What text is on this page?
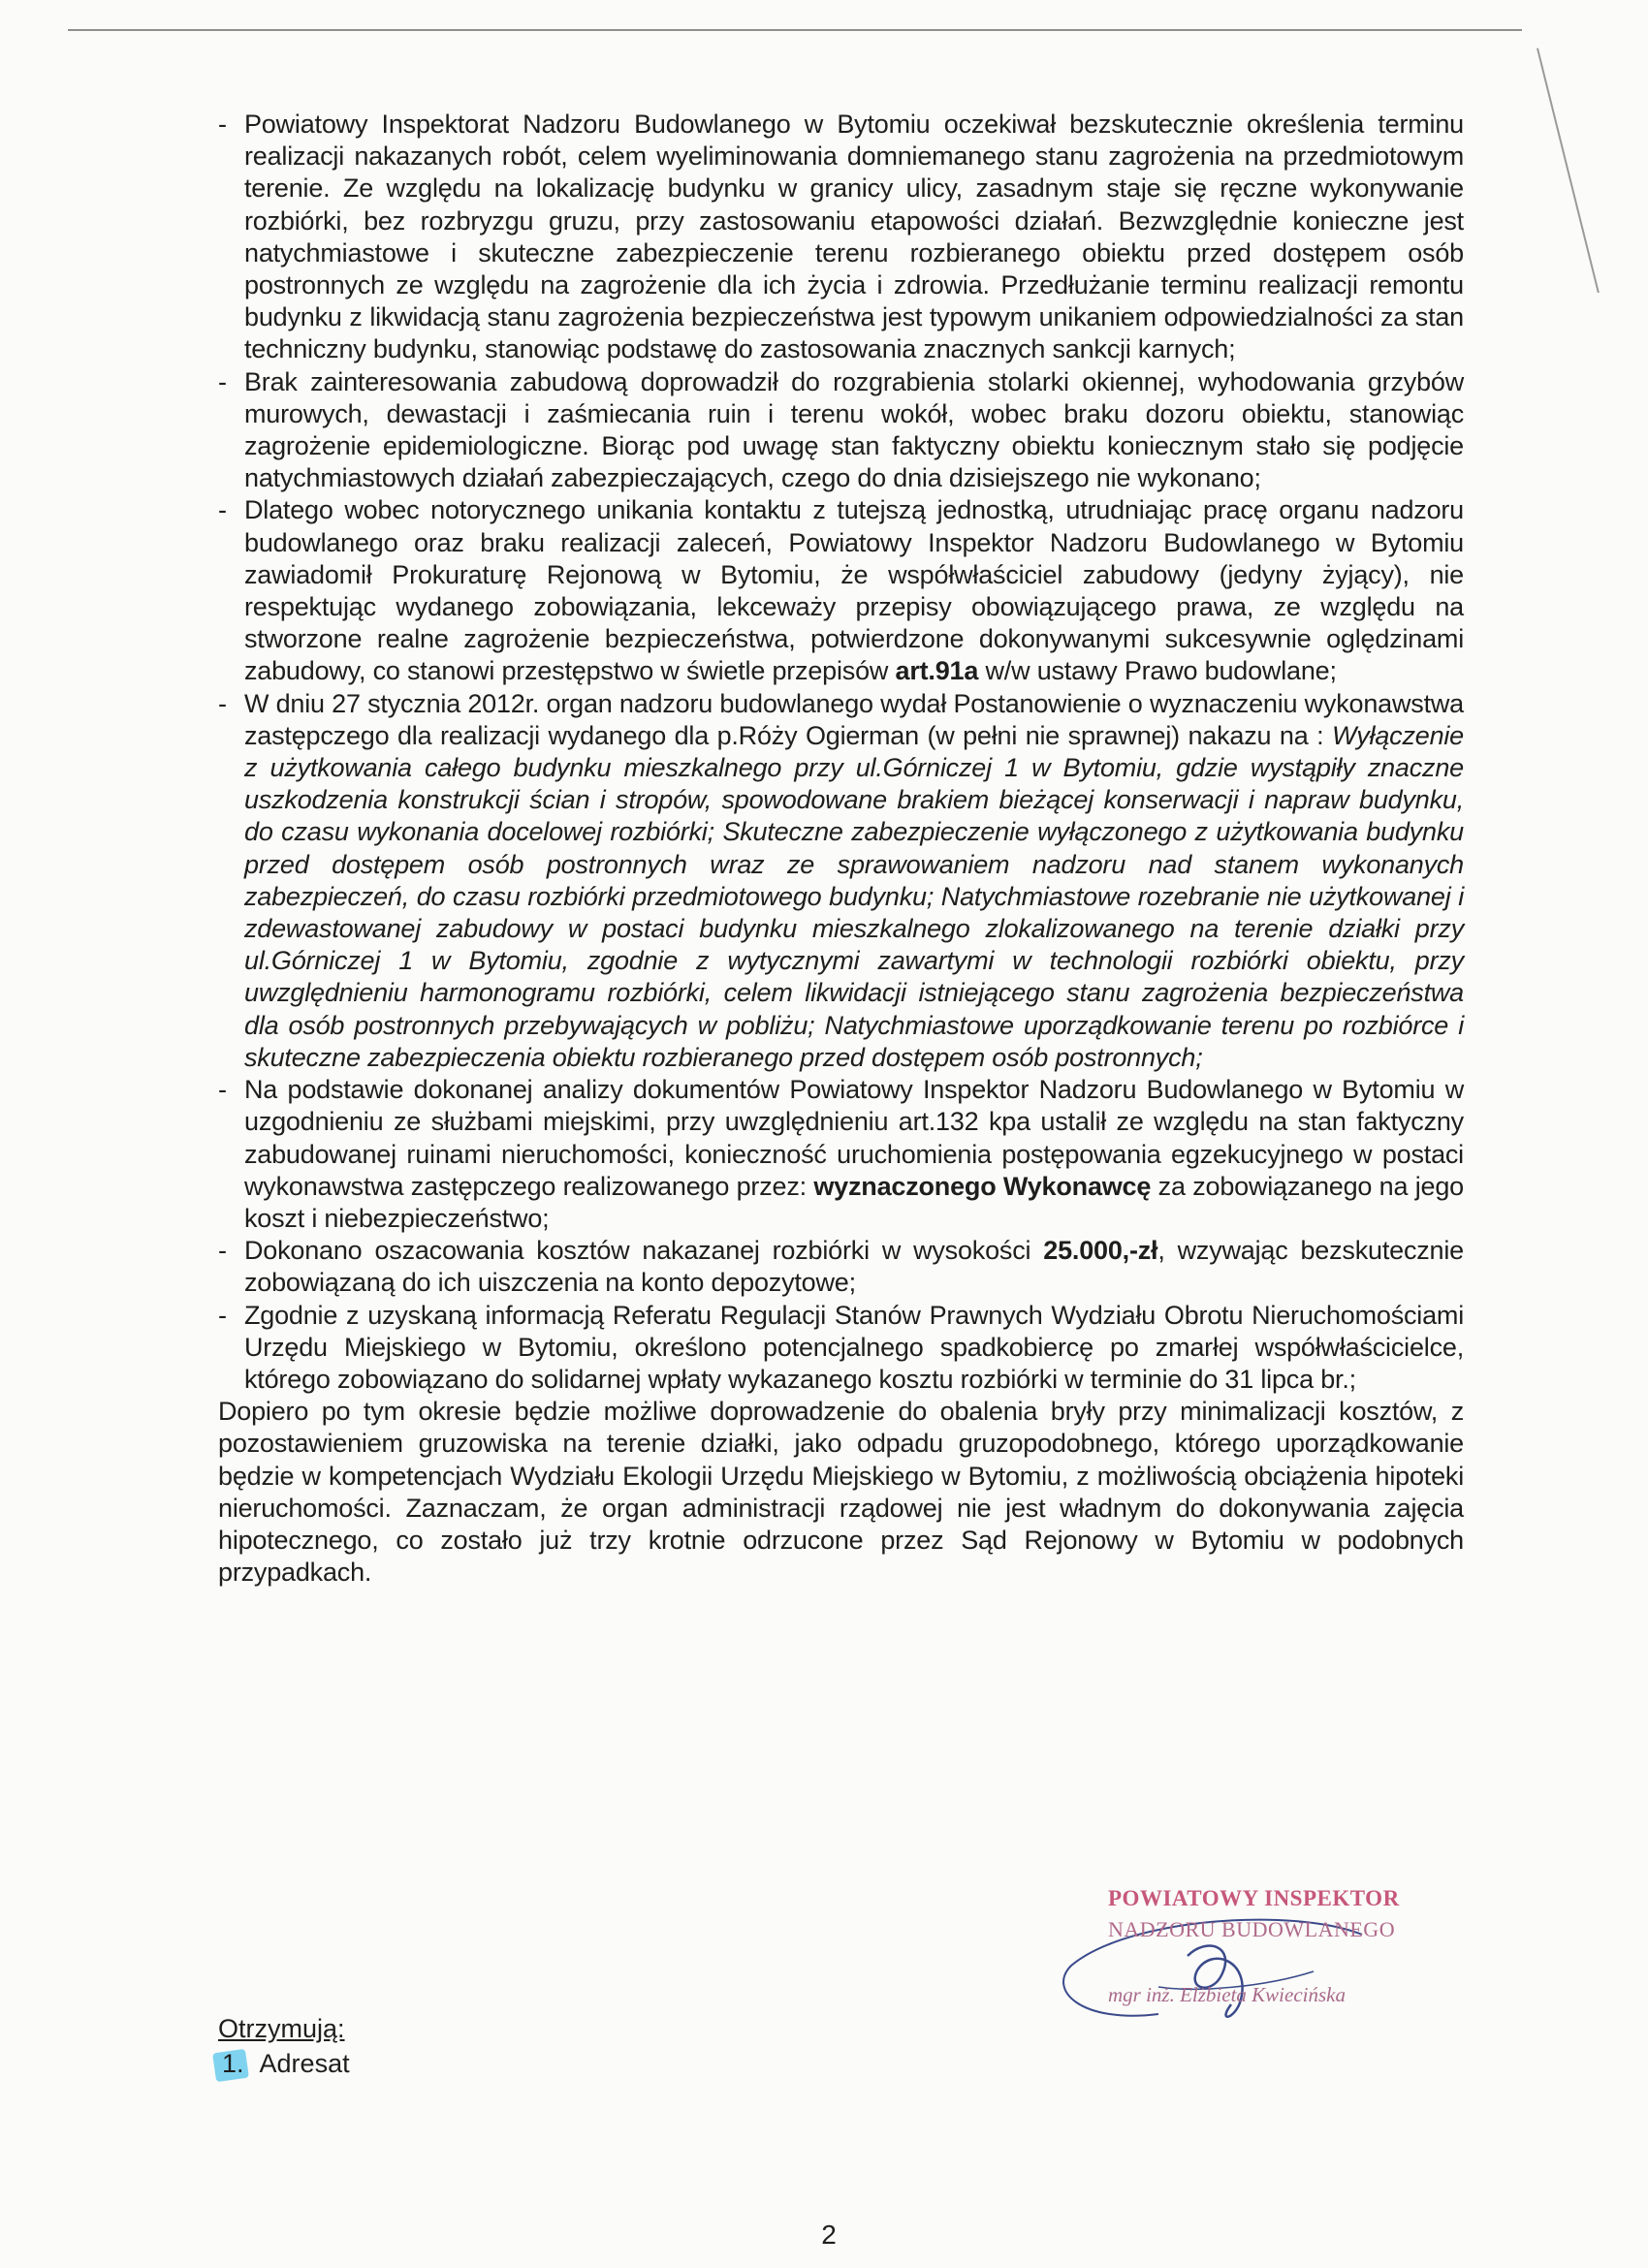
- Powiatowy Inspektorat Nadzoru Budowlanego w Bytomiu oczekiwał bezskutecznie określenia terminu realizacji nakazanych robót, celem wyeliminowania domniemanego stanu zagrożenia na przedmiotowym terenie. Ze względu na lokalizację budynku w granicy ulicy, zasadnym staje się ręczne wykonywanie rozbiórki, bez rozbryzgu gruzu, przy zastosowaniu etapowości działań. Bezwzględnie konieczne jest natychmiastowe i skuteczne zabezpieczenie terenu rozbieranego obiektu przed dostępem osób postronnych ze względu na zagrożenie dla ich życia i zdrowia. Przedłużanie terminu realizacji remontu budynku z likwidacją stanu zagrożenia bezpieczeństwa jest typowym unikaniem odpowiedzialności za stan techniczny budynku, stanowiąc podstawę do zastosowania znacznych sankcji karnych;

- Brak zainteresowania zabudową doprowadził do rozgrabienia stolarki okiennej, wyhodowania grzybów murowych, dewastacji i zaśmiecania ruin i terenu wokół, wobec braku dozoru obiektu, stanowiąc zagrożenie epidemiologiczne. Biorąc pod uwagę stan faktyczny obiektu koniecznym stało się podjęcie natychmiastowych działań zabezpieczających, czego do dnia dzisiejszego nie wykonano;

- Dlatego wobec notorycznego unikania kontaktu z tutejszą jednostką, utrudniając pracę organu nadzoru budowlanego oraz braku realizacji zaleceń, Powiatowy Inspektor Nadzoru Budowlanego w Bytomiu zawiadomił Prokuraturę Rejonową w Bytomiu, że współwłaściciel zabudowy (jedyny żyjący), nie respektując wydanego zobowiązania, lekceważy przepisy obowiązującego prawa, ze względu na stworzone realne zagrożenie bezpieczeństwa, potwierdzone dokonywanymi sukcesywnie oględzinami zabudowy, co stanowi przestępstwo w świetle przepisów art.91a w/w ustawy Prawo budowlane;

- W dniu 27 stycznia 2012r. organ nadzoru budowlanego wydał Postanowienie o wyznaczeniu wykonawstwa zastępczego dla realizacji wydanego dla p.Róży Ogierman (w pełni nie sprawnej) nakazu na : Wyłączenie z użytkowania całego budynku mieszkalnego przy ul.Górniczej 1 w Bytomiu, gdzie wystąpiły znaczne uszkodzenia konstrukcji ścian i stropów, spowodowane brakiem bieżącej konserwacji i napraw budynku, do czasu wykonania docelowej rozbiórki; Skuteczne zabezpieczenie wyłączonego z użytkowania budynku przed dostępem osób postronnych wraz ze sprawowaniem nadzoru nad stanem wykonanych zabezpieczeń, do czasu rozbiórki przedmiotowego budynku; Natychmiastowe rozebranie nie użytkowanej i zdewastowanej zabudowy w postaci budynku mieszkalnego zlokalizowanego na terenie działki przy ul.Górniczej 1 w Bytomiu, zgodnie z wytycznymi zawartymi w technologii rozbiórki obiektu, przy uwzględnieniu harmonogramu rozbiórki, celem likwidacji istniejącego stanu zagrożenia bezpieczeństwa dla osób postronnych przebywających w pobliżu; Natychmiastowe uporządkowanie terenu po rozbiórce i skuteczne zabezpieczenia obiektu rozbieranego przed dostępem osób postronnych;

- Na podstawie dokonanej analizy dokumentów Powiatowy Inspektor Nadzoru Budowlanego w Bytomiu w uzgodnieniu ze służbami miejskimi, przy uwzględnieniu art.132 kpa ustalił ze względu na stan faktyczny zabudowanej ruinami nieruchomości, konieczność uruchomienia postępowania egzekucyjnego w postaci wykonawstwa zastępczego realizowanego przez: wyznaczonego Wykonawcę za zobowiązanego na jego koszt i niebezpieczeństwo;

- Dokonano oszacowania kosztów nakazanej rozbiórki w wysokości 25.000,-zł, wzywając bezskutecznie zobowiązaną do ich uiszczenia na konto depozytowe;

- Zgodnie z uzyskaną informacją Referatu Regulacji Stanów Prawnych Wydziału Obrotu Nieruchomościami Urzędu Miejskiego w Bytomiu, określono potencjalnego spadkobiercę po zmarłej współwłaścicielce, którego zobowiązano do solidarnej wpłaty wykazanego kosztu rozbiórki w terminie do 31 lipca br.;

Dopiero po tym okresie będzie możliwe doprowadzenie do obalenia bryły przy minimalizacji kosztów, z pozostawieniem gruzowiska na terenie działki, jako odpadu gruzopodobnego, którego uporządkowanie będzie w kompetencjach Wydziału Ekologii Urzędu Miejskiego w Bytomiu, z możliwością obciążenia hipoteki nieruchomości. Zaznaczam, że organ administracji rządowej nie jest władnym do dokonywania zajęcia hipotecznego, co zostało już trzy krotnie odrzucone przez Sąd Rejonowy w Bytomiu w podobnych przypadkach.

POWIATOWY INSPEKTOR
NADZORU BUDOWLANEGO
mgr inż. Elżbieta Kwiecińska
Otrzymują:
1. Adresat
2
